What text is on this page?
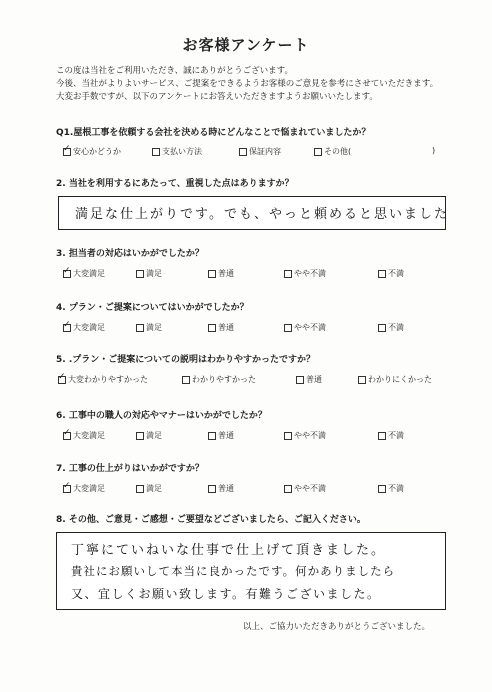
お客様アンケート
この度は当社をご利用いただき、誠にありがとうございます。
今後、当社がよりよいサービス、ご提案をできるようお客様のご意見を参考にさせていただきます。
大変お手数ですが、以下のアンケートにお答えいただきますようお願いいたします。
Q1.屋根工事を依頼する会社を決める時にどんなことで悩まれていましたか？
✓
安心かどうか	支払い方法	保証内容	その他(	)
2. 当社を利用するにあたって、重視した点はありますか？
満足な仕上がりです。でも、やっと頼めると思いました
3. 担当者の対応はいかがでしたか？
✓
大変満足	満足	普通	やや不満	不満
4. プラン・ご提案についてはいかがでしたか？
✓
大変満足	満足	普通	やや不満	不満
5. .プラン・ご提案についての説明はわかりやすかったですか？
✓
大変わかりやすかった	わかりやすかった	普通	わかりにくかった
6. 工事中の職人の対応やマナーはいかがでしたか？
✓
大変満足	満足	普通	やや不満	不満
7. 工事の仕上がりはいかがですか？
✓
大変満足	満足	普通	やや不満	不満
8. その他、ご意見・ご感想・ご要望などございましたら、ご記入ください。
丁寧にていねいな仕事で仕上げて頂きました。
貴社にお願いして本当に良かったです。何かありましたら
又、宜しくお願い致します。有難うございました。
以上、ご協力いただきありがとうございました。
